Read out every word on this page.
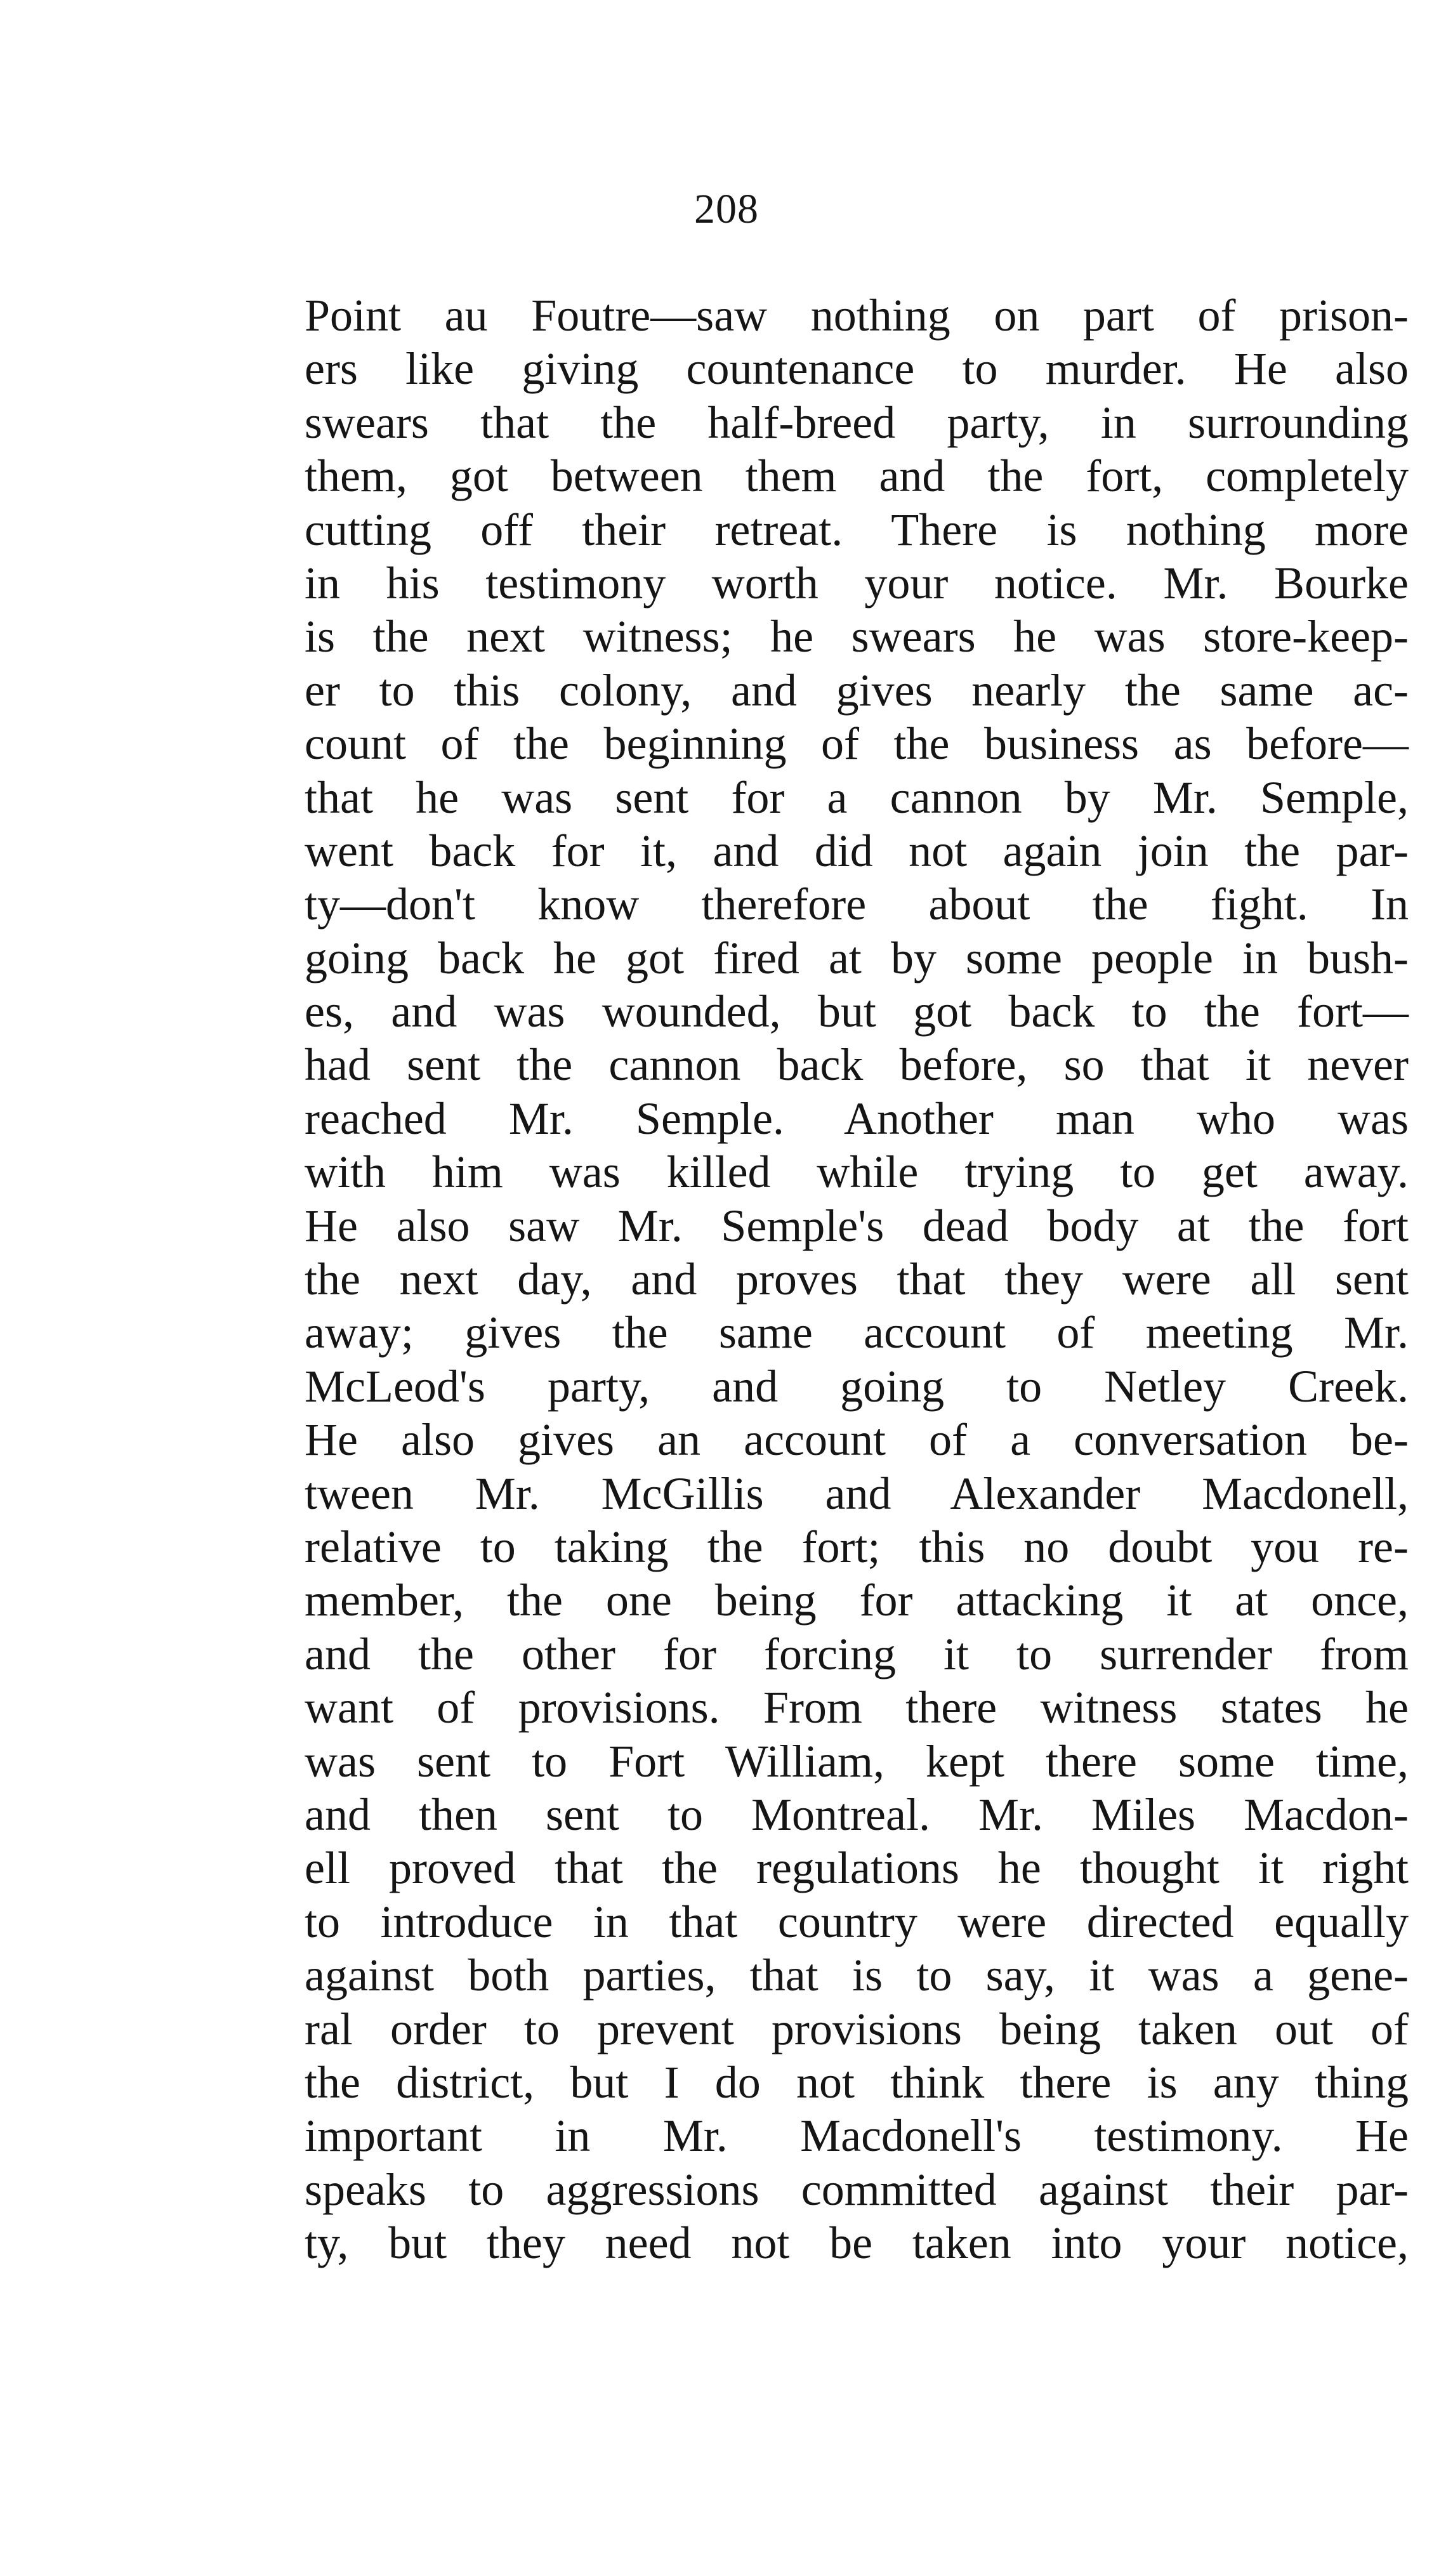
208
Point au Foutre—saw nothing on part of prison-
ers like giving countenance to murder. He also
swears that the half-breed party, in surrounding
them, got between them and the fort, completely
cutting off their retreat. There is nothing more
in his testimony worth your notice. Mr. Bourke
is the next witness; he swears he was store-keep-
er to this colony, and gives nearly the same ac-
count of the beginning of the business as before—
that he was sent for a cannon by Mr. Semple,
went back for it, and did not again join the par-
ty—don't know therefore about the fight. In
going back he got fired at by some people in bush-
es, and was wounded, but got back to the fort—
had sent the cannon back before, so that it never
reached Mr. Semple. Another man who was
with him was killed while trying to get away.
He also saw Mr. Semple's dead body at the fort
the next day, and proves that they were all sent
away; gives the same account of meeting Mr.
McLeod's party, and going to Netley Creek.
He also gives an account of a conversation be-
tween Mr. McGillis and Alexander Macdonell,
relative to taking the fort; this no doubt you re-
member, the one being for attacking it at once,
and the other for forcing it to surrender from
want of provisions. From there witness states he
was sent to Fort William, kept there some time,
and then sent to Montreal. Mr. Miles Macdon-
ell proved that the regulations he thought it right
to introduce in that country were directed equally
against both parties, that is to say, it was a gene-
ral order to prevent provisions being taken out of
the district, but I do not think there is any thing
important in Mr. Macdonell's testimony. He
speaks to aggressions committed against their par-
ty, but they need not be taken into your notice,
